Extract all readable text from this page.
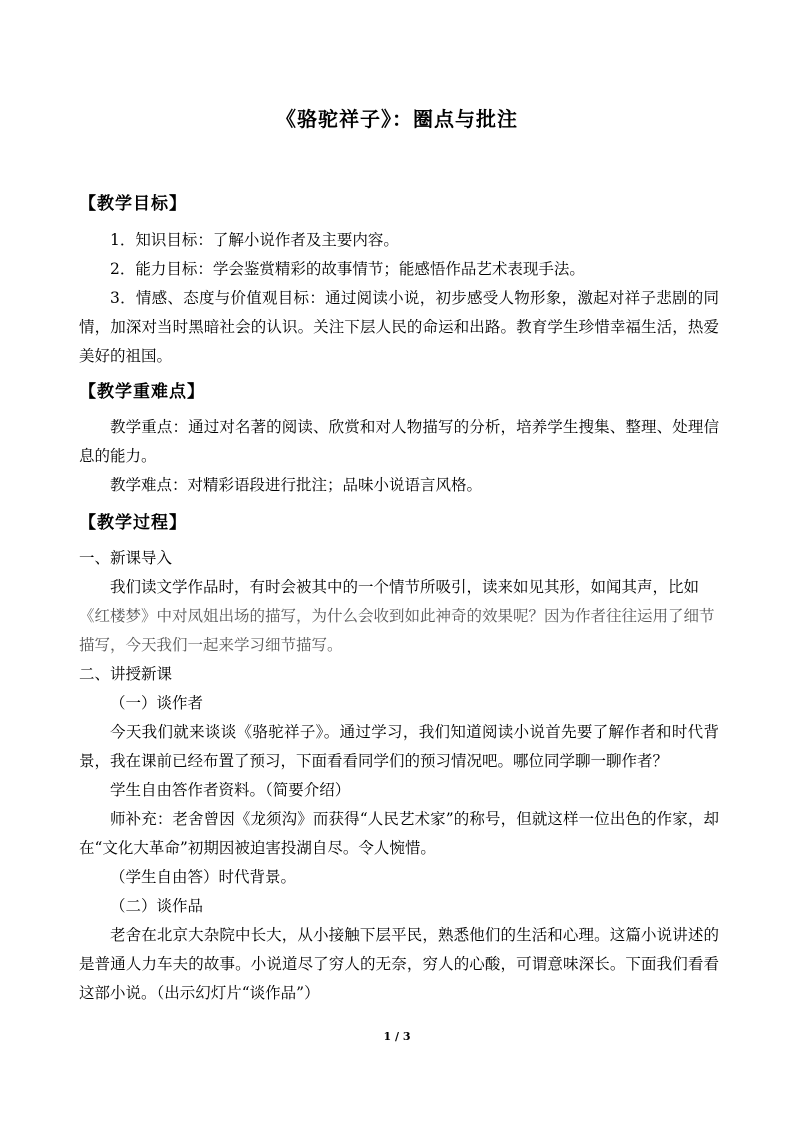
《骆驼祥子》：圈点与批注
【教学目标】

1．知识目标：了解小说作者及主要内容。

2．能力目标：学会鉴赏精彩的故事情节；能感悟作品艺术表现手法。

3．情感、态度与价值观目标：通过阅读小说，初步感受人物形象，激起对祥子悲剧的同情，加深对当时黑暗社会的认识。关注下层人民的命运和出路。教育学生珍惜幸福生活，热爱美好的祖国。

【教学重难点】

教学重点：通过对名著的阅读、欣赏和对人物描写的分析，培养学生搜集、整理、处理信息的能力。

教学难点：对精彩语段进行批注；品味小说语言风格。

【教学过程】

一、新课导入

我们读文学作品时，有时会被其中的一个情节所吸引，读来如见其形，如闻其声，比如

《红楼梦》中对凤姐出场的描写，为什么会收到如此神奇的效果呢？因为作者往往运用了细节描写，今天我们一起来学习细节描写。

二、讲授新课

（一）谈作者

今天我们就来谈谈《骆驼祥子》。通过学习，我们知道阅读小说首先要了解作者和时代背景，我在课前已经布置了预习，下面看看同学们的预习情况吧。哪位同学聊一聊作者？

学生自由答作者资料。（简要介绍）

师补充：老舍曾因《龙须沟》而获得“人民艺术家”的称号，但就这样一位出色的作家，却在“文化大革命”初期因被迫害投湖自尽。令人惋惜。

（学生自由答）时代背景。

（二）谈作品

老舍在北京大杂院中长大，从小接触下层平民，熟悉他们的生活和心理。这篇小说讲述的是普通人力车夫的故事。小说道尽了穷人的无奈，穷人的心酸，可谓意味深长。下面我们看看这部小说。（出示幻灯片“谈作品”）

1 / 3
